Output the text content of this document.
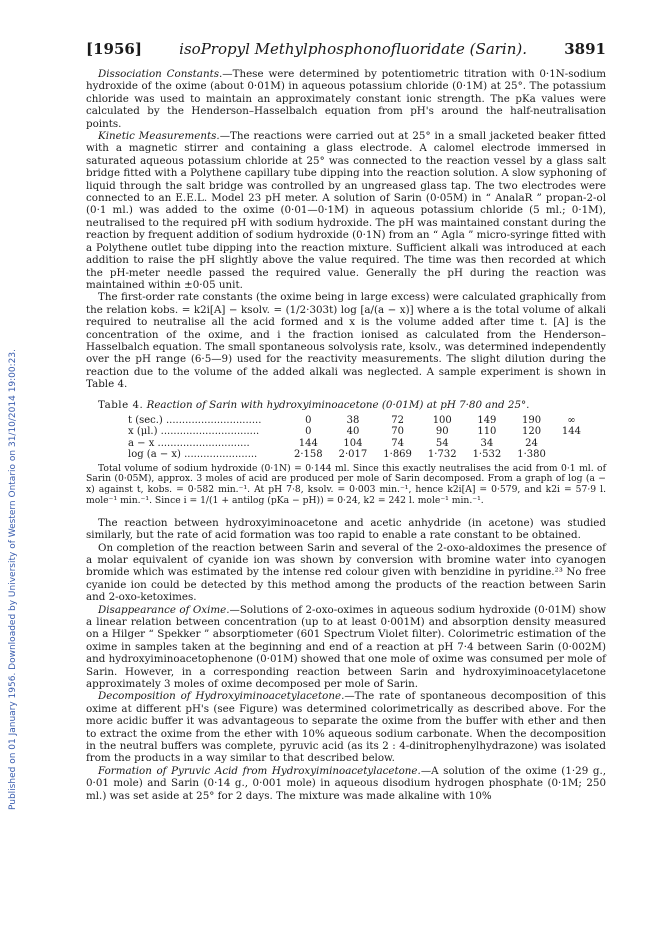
Published on 01 January 1956. Downloaded by University of Western Ontario on 31/10/2014 19:00:23.
[1956] isoPropyl Methylphosphonofluoridate (Sarin). 3891

Dissociation Constants.—These were determined by potentiometric titration with 0·1N-sodium hydroxide of the oxime (about 0·01M) in aqueous potassium chloride (0·1M) at 25°. The potassium chloride was used to maintain an approximately constant ionic strength. The pKa values were calculated by the Henderson–Hasselbalch equation from pH's around the half-neutralisation points.

Kinetic Measurements.—The reactions were carried out at 25° in a small jacketed beaker fitted with a magnetic stirrer and containing a glass electrode. A calomel electrode immersed in saturated aqueous potassium chloride at 25° was connected to the reaction vessel by a glass salt bridge fitted with a Polythene capillary tube dipping into the reaction solution. A slow syphoning of liquid through the salt bridge was controlled by an ungreased glass tap. The two electrodes were connected to an E.E.L. Model 23 pH meter. A solution of Sarin (0·05M) in “ AnalaR ” propan-2-ol (0·1 ml.) was added to the oxime (0·01—0·1M) in aqueous potassium chloride (5 ml.; 0·1M), neutralised to the required pH with sodium hydroxide. The pH was maintained constant during the reaction by frequent addition of sodium hydroxide (0·1N) from an “ Agla ” micro-syringe fitted with a Polythene outlet tube dipping into the reaction mixture. Sufficient alkali was introduced at each addition to raise the pH slightly above the value required. The time was then recorded at which the pH-meter needle passed the required value. Generally the pH during the reaction was maintained within ±0·05 unit.

The first-order rate constants (the oxime being in large excess) were calculated graphically from the relation kobs. = k2i[A] − ksolv. = (1/2·303t) log [a/(a − x)] where a is the total volume of alkali required to neutralise all the acid formed and x is the volume added after time t. [A] is the concentration of the oxime, and i the fraction ionised as calculated from the Henderson–Hasselbalch equation. The small spontaneous solvolysis rate, ksolv., was determined independently over the pH range (6·5—9) used for the reactivity measurements. The slight dilution during the reaction due to the volume of the added alkali was neglected. A sample experiment is shown in Table 4.

Table 4. Reaction of Sarin with hydroxyiminoacetone (0·01M) at pH 7·80 and 25°.
t (sec.) ..............................	0	38	72	100	149	190	∞
x (μl.) ...............................	0	40	70	90	110	120	144
a − x .............................	144	104	74	54	34	24	
log (a − x) .......................	2·158	2·017	1·869	1·732	1·532	1·380	
Total volume of sodium hydroxide (0·1N) = 0·144 ml. Since this exactly neutralises the acid from 0·1 ml. of Sarin (0·05M), approx. 3 moles of acid are produced per mole of Sarin decomposed. From a graph of log (a − x) against t, kobs. = 0·582 min.⁻¹. At pH 7·8, ksolv. = 0·003 min.⁻¹, hence k2i[A] = 0·579, and k2i = 57·9 l. mole⁻¹ min.⁻¹. Since i = 1/(1 + antilog (pKa − pH)) = 0·24, k2 = 242 l. mole⁻¹ min.⁻¹.

The reaction between hydroxyiminoacetone and acetic anhydride (in acetone) was studied similarly, but the rate of acid formation was too rapid to enable a rate constant to be obtained.

On completion of the reaction between Sarin and several of the 2-oxo-aldoximes the presence of a molar equivalent of cyanide ion was shown by conversion with bromine water into cyanogen bromide which was estimated by the intense red colour given with benzidine in pyridine.²³ No free cyanide ion could be detected by this method among the products of the reaction between Sarin and 2-oxo-ketoximes.

Disappearance of Oxime.—Solutions of 2-oxo-oximes in aqueous sodium hydroxide (0·01M) show a linear relation between concentration (up to at least 0·001M) and absorption density measured on a Hilger “ Spekker ” absorptiometer (601 Spectrum Violet filter). Colorimetric estimation of the oxime in samples taken at the beginning and end of a reaction at pH 7·4 between Sarin (0·002M) and hydroxyiminoacetophenone (0·01M) showed that one mole of oxime was consumed per mole of Sarin. However, in a corresponding reaction between Sarin and hydroxyiminoacetylacetone approximately 3 moles of oxime decomposed per mole of Sarin.

Decomposition of Hydroxyiminoacetylacetone.—The rate of spontaneous decomposition of this oxime at different pH's (see Figure) was determined colorimetrically as described above. For the more acidic buffer it was advantageous to separate the oxime from the buffer with ether and then to extract the oxime from the ether with 10% aqueous sodium carbonate. When the decomposition in the neutral buffers was complete, pyruvic acid (as its 2 : 4-dinitrophenylhydrazone) was isolated from the products in a way similar to that described below.

Formation of Pyruvic Acid from Hydroxyiminoacetylacetone.—A solution of the oxime (1·29 g., 0·01 mole) and Sarin (0·14 g., 0·001 mole) in aqueous disodium hydrogen phosphate (0·1M; 250 ml.) was set aside at 25° for 2 days. The mixture was made alkaline with 10%
